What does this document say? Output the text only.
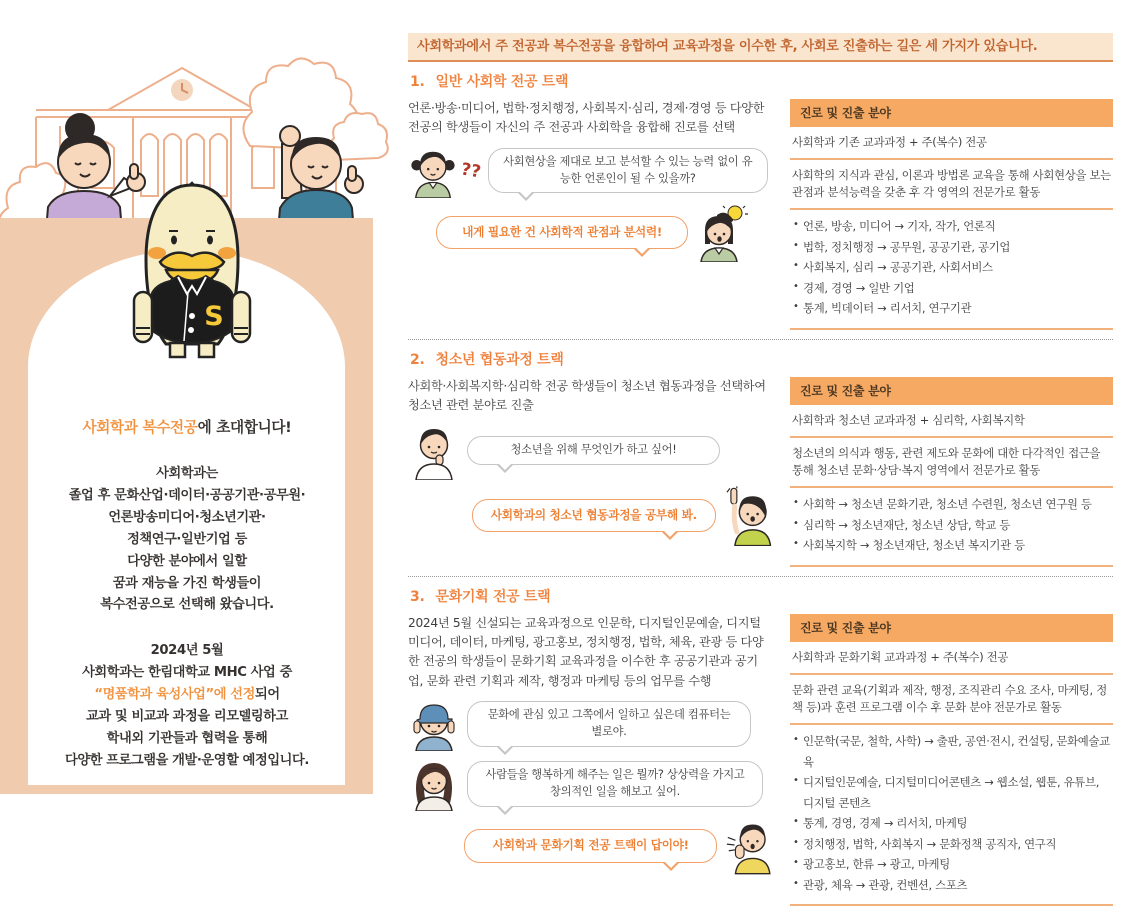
S
사회학과 복수전공에 초대합니다!
사회학과는
졸업 후 문화산업·데이터·공공기관·공무원·
언론방송미디어·청소년기관·
정책연구·일반기업 등
다양한 분야에서 일할
꿈과 재능을 가진 학생들이
복수전공으로 선택해 왔습니다.
2024년 5월
사회학과는 한림대학교 MHC 사업 중
“명품학과 육성사업”에 선정되어
교과 및 비교과 과정을 리모델링하고
학내외 기관들과 협력을 통해
다양한 프로그램을 개발·운영할 예정입니다.
사회학과에서 주 전공과 복수전공을 융합하여 교육과정을 이수한 후, 사회로 진출하는 길은 세 가지가 있습니다.
1. 일반 사회학 전공 트랙
언론·방송·미디어, 법학·정치행정, 사회복지·심리, 경제·경영 등 다양한 전공의 학생들이 자신의 주 전공과 사회학을 융합해 진로를 선택
??	사회현상을 제대로 보고 분석할 수 있는 능력 없이 유능한 언론인이 될 수 있을까?
내게 필요한 건 사회학적 관점과 분석력!
진로 및 진출 분야
사회학과 기존 교과과정 + 주(복수) 전공
사회학의 지식과 관심, 이론과 방법론 교육을 통해 사회현상을 보는 관점과 분석능력을 갖춘 후 각 영역의 전문가로 활동
• 언론, 방송, 미디어 → 기자, 작가, 언론직
• 법학, 정치행정 → 공무원, 공공기관, 공기업
• 사회복지, 심리 → 공공기관, 사회서비스
• 경제, 경영 → 일반 기업
• 통계, 빅데이터 → 리서치, 연구기관
2. 청소년 협동과정 트랙
사회학·사회복지학·심리학 전공 학생들이 청소년 협동과정을 선택하여 청소년 관련 분야로 진출
청소년을 위해 무엇인가 하고 싶어!
사회학과의 청소년 협동과정을 공부해 봐.
진로 및 진출 분야
사회학과 청소년 교과과정 + 심리학, 사회복지학
청소년의 의식과 행동, 관련 제도와 문화에 대한 다각적인 접근을 통해 청소년 문화·상담·복지 영역에서 전문가로 활동
• 사회학 → 청소년 문화기관, 청소년 수련원, 청소년 연구원 등
• 심리학 → 청소년재단, 청소년 상담, 학교 등
• 사회복지학 → 청소년재단, 청소년 복지기관 등
3. 문화기획 전공 트랙
2024년 5월 신설되는 교육과정으로 인문학, 디지털인문예술, 디지털 미디어, 데이터, 마케팅, 광고홍보, 정치행정, 법학, 체육, 관광 등 다양한 전공의 학생들이 문화기획 교육과정을 이수한 후 공공기관과 공기업, 문화 관련 기획과 제작, 행정과 마케팅 등의 업무를 수행
문화에 관심 있고 그쪽에서 일하고 싶은데 컴퓨터는 별로야.
사람들을 행복하게 해주는 일은 뭘까? 상상력을 가지고 창의적인 일을 해보고 싶어.
사회학과 문화기획 전공 트랙이 답이야!
진로 및 진출 분야
사회학과 문화기획 교과과정 + 주(복수) 전공
문화 관련 교육(기획과 제작, 행정, 조직관리 수요 조사, 마케팅, 정책 등)과 훈련 프로그램 이수 후 문화 분야 전문가로 활동
• 인문학(국문, 철학, 사학) → 출판, 공연·전시, 컨설팅, 문화예술교육
• 디지털인문예술, 디지털미디어콘텐츠 → 웹소설, 웹툰, 유튜브, 디지털 콘텐츠
• 통계, 경영, 경제 → 리서치, 마케팅
• 정치행정, 법학, 사회복지 → 문화정책 공직자, 연구직
• 광고홍보, 한류 → 광고, 마케팅
• 관광, 체육 → 관광, 컨벤션, 스포츠
